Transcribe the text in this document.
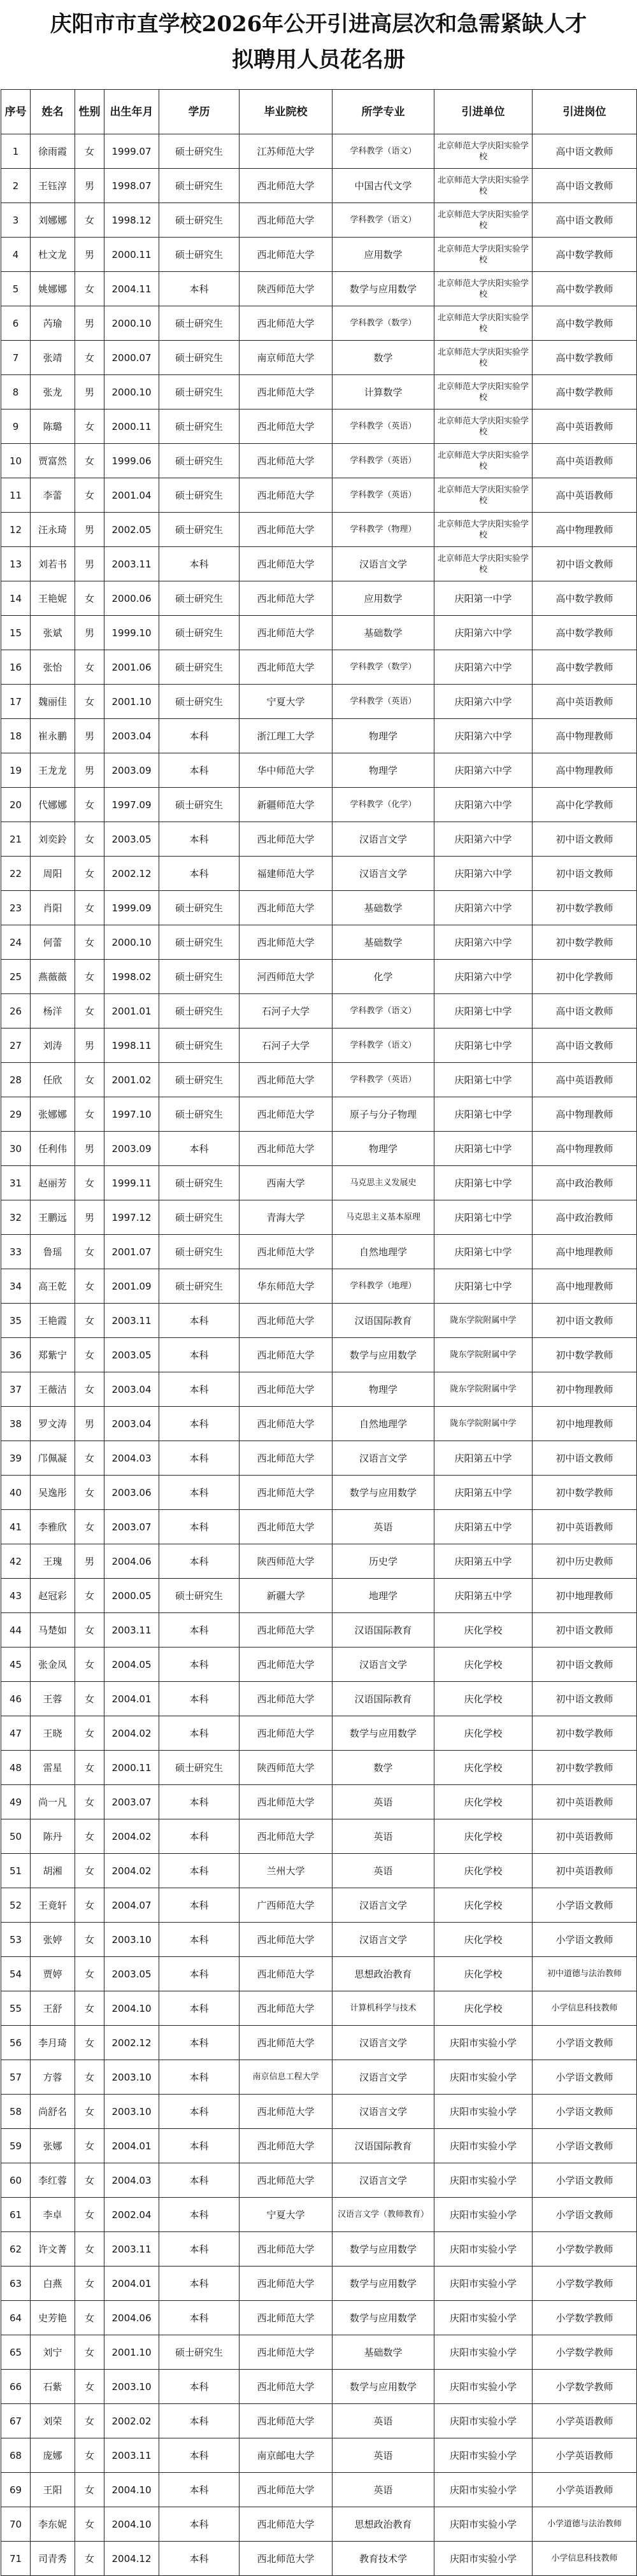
庆阳市市直学校2026年公开引进高层次和急需紧缺人才
拟聘用人员花名册
序号	姓名	性别	出生年月	学历	毕业院校	所学专业	引进单位	引进岗位
1	徐雨霞	女	1999.07	硕士研究生	江苏师范大学	学科教学（语文）	北京师范大学庆阳实验学校	高中语文教师
2	王钰淳	男	1998.07	硕士研究生	西北师范大学	中国古代文学	北京师范大学庆阳实验学校	高中语文教师
3	刘娜娜	女	1998.12	硕士研究生	西北师范大学	学科教学（语文）	北京师范大学庆阳实验学校	高中语文教师
4	杜文龙	男	2000.11	硕士研究生	西北师范大学	应用数学	北京师范大学庆阳实验学校	高中数学教师
5	姚娜娜	女	2004.11	本科	陕西师范大学	数学与应用数学	北京师范大学庆阳实验学校	高中数学教师
6	芮瑜	男	2000.10	硕士研究生	西北师范大学	学科教学（数学）	北京师范大学庆阳实验学校	高中数学教师
7	张靖	女	2000.07	硕士研究生	南京师范大学	数学	北京师范大学庆阳实验学校	高中数学教师
8	张龙	男	2000.10	硕士研究生	西北师范大学	计算数学	北京师范大学庆阳实验学校	高中数学教师
9	陈璐	女	2000.11	硕士研究生	西北师范大学	学科教学（英语）	北京师范大学庆阳实验学校	高中英语教师
10	贾富然	女	1999.06	硕士研究生	西北师范大学	学科教学（英语）	北京师范大学庆阳实验学校	高中英语教师
11	李蕾	女	2001.04	硕士研究生	西北师范大学	学科教学（英语）	北京师范大学庆阳实验学校	高中英语教师
12	汪永琦	男	2002.05	硕士研究生	西北师范大学	学科教学（物理）	北京师范大学庆阳实验学校	高中物理教师
13	刘若书	男	2003.11	本科	西北师范大学	汉语言文学	北京师范大学庆阳实验学校	初中语文教师
14	王艳妮	女	2000.06	硕士研究生	西北师范大学	应用数学	庆阳第一中学	高中数学教师
15	张斌	男	1999.10	硕士研究生	西北师范大学	基础数学	庆阳第六中学	高中数学教师
16	张怡	女	2001.06	硕士研究生	西北师范大学	学科教学（数学）	庆阳第六中学	高中数学教师
17	魏丽佳	女	2001.10	硕士研究生	宁夏大学	学科教学（英语）	庆阳第六中学	高中英语教师
18	崔永鹏	男	2003.04	本科	浙江理工大学	物理学	庆阳第六中学	高中物理教师
19	王龙龙	男	2003.09	本科	华中师范大学	物理学	庆阳第六中学	高中物理教师
20	代娜娜	女	1997.09	硕士研究生	新疆师范大学	学科教学（化学）	庆阳第六中学	高中化学教师
21	刘奕鈴	女	2003.05	本科	西北师范大学	汉语言文学	庆阳第六中学	初中语文教师
22	周阳	女	2002.12	本科	福建师范大学	汉语言文学	庆阳第六中学	初中语文教师
23	肖阳	女	1999.09	硕士研究生	西北师范大学	基础数学	庆阳第六中学	初中数学教师
24	何蕾	女	2000.10	硕士研究生	西北师范大学	基础数学	庆阳第六中学	初中数学教师
25	燕薇薇	女	1998.02	硕士研究生	河西师范大学	化学	庆阳第六中学	初中化学教师
26	杨洋	女	2001.01	硕士研究生	石河子大学	学科教学（语文）	庆阳第七中学	高中语文教师
27	刘涛	男	1998.11	硕士研究生	石河子大学	学科教学（语文）	庆阳第七中学	高中语文教师
28	任欣	女	2001.02	硕士研究生	西北师范大学	学科教学（英语）	庆阳第七中学	高中英语教师
29	张娜娜	女	1997.10	硕士研究生	西北师范大学	原子与分子物理	庆阳第七中学	高中物理教师
30	任利伟	男	2003.09	本科	西北师范大学	物理学	庆阳第七中学	高中物理教师
31	赵丽芳	女	1999.11	硕士研究生	西南大学	马克思主义发展史	庆阳第七中学	高中政治教师
32	王鹏远	男	1997.12	硕士研究生	青海大学	马克思主义基本原理	庆阳第七中学	高中政治教师
33	鲁瑶	女	2001.07	硕士研究生	西北师范大学	自然地理学	庆阳第七中学	高中地理教师
34	高王乾	女	2001.09	硕士研究生	华东师范大学	学科教学（地理）	庆阳第七中学	高中地理教师
35	王艳霞	女	2003.11	本科	西北师范大学	汉语国际教育	陇东学院附属中学	初中语文教师
36	郑紫宁	女	2003.05	本科	西北师范大学	数学与应用数学	陇东学院附属中学	初中数学教师
37	王薇洁	女	2003.04	本科	西北师范大学	物理学	陇东学院附属中学	初中物理教师
38	罗文涛	男	2003.04	本科	西北师范大学	自然地理学	陇东学院附属中学	初中地理教师
39	邝佩凝	女	2004.03	本科	西北师范大学	汉语言文学	庆阳第五中学	初中语文教师
40	吴逸彤	女	2003.06	本科	西北师范大学	数学与应用数学	庆阳第五中学	初中数学教师
41	李雅欣	女	2003.07	本科	西北师范大学	英语	庆阳第五中学	初中英语教师
42	王瑰	男	2004.06	本科	陕西师范大学	历史学	庆阳第五中学	初中历史教师
43	赵冠彩	女	2000.05	硕士研究生	新疆大学	地理学	庆阳第五中学	初中地理教师
44	马楚如	女	2003.11	本科	西北师范大学	汉语国际教育	庆化学校	初中语文教师
45	张金凤	女	2004.05	本科	西北师范大学	汉语言文学	庆化学校	初中语文教师
46	王蓉	女	2004.01	本科	西北师范大学	汉语国际教育	庆化学校	初中语文教师
47	王晓	女	2004.02	本科	西北师范大学	数学与应用数学	庆化学校	初中数学教师
48	雷星	女	2000.11	硕士研究生	陕西师范大学	数学	庆化学校	初中数学教师
49	尚一凡	女	2003.07	本科	西北师范大学	英语	庆化学校	初中英语教师
50	陈丹	女	2004.02	本科	西北师范大学	英语	庆化学校	初中英语教师
51	胡湘	女	2004.02	本科	兰州大学	英语	庆化学校	初中英语教师
52	王竟轩	女	2004.07	本科	广西师范大学	汉语言文学	庆化学校	小学语文教师
53	张婷	女	2003.10	本科	西北师范大学	汉语言文学	庆化学校	小学语文教师
54	贾婷	女	2003.05	本科	西北师范大学	思想政治教育	庆化学校	初中道德与法治教师
55	王舒	女	2004.10	本科	西北师范大学	计算机科学与技术	庆化学校	小学信息科技教师
56	李月琦	女	2002.12	本科	西北师范大学	汉语言文学	庆阳市实验小学	小学语文教师
57	方蓉	女	2003.10	本科	南京信息工程大学	汉语言文学	庆阳市实验小学	小学语文教师
58	尚舒名	女	2003.10	本科	西北师范大学	汉语言文学	庆阳市实验小学	小学语文教师
59	张娜	女	2004.01	本科	西北师范大学	汉语国际教育	庆阳市实验小学	小学语文教师
60	李红蓉	女	2004.03	本科	西北师范大学	汉语言文学	庆阳市实验小学	小学语文教师
61	李卓	女	2002.04	本科	宁夏大学	汉语言文学（教师教育）	庆阳市实验小学	小学语文教师
62	许文菁	女	2003.11	本科	西北师范大学	数学与应用数学	庆阳市实验小学	小学数学教师
63	白燕	女	2004.01	本科	西北师范大学	数学与应用数学	庆阳市实验小学	小学数学教师
64	史芳艳	女	2004.06	本科	西北师范大学	数学与应用数学	庆阳市实验小学	小学数学教师
65	刘宁	女	2001.10	硕士研究生	西北师范大学	基础数学	庆阳市实验小学	小学数学教师
66	石紫	女	2003.10	本科	西北师范大学	数学与应用数学	庆阳市实验小学	小学数学教师
67	刘荣	女	2002.02	本科	西北师范大学	英语	庆阳市实验小学	小学英语教师
68	庞娜	女	2003.11	本科	南京邮电大学	英语	庆阳市实验小学	小学英语教师
69	王阳	女	2004.10	本科	西北师范大学	英语	庆阳市实验小学	小学英语教师
70	李东妮	女	2004.10	本科	西北师范大学	思想政治教育	庆阳市实验小学	小学道德与法治教师
71	司青秀	女	2004.12	本科	西北师范大学	教育技术学	庆阳市实验小学	小学信息科技教师
